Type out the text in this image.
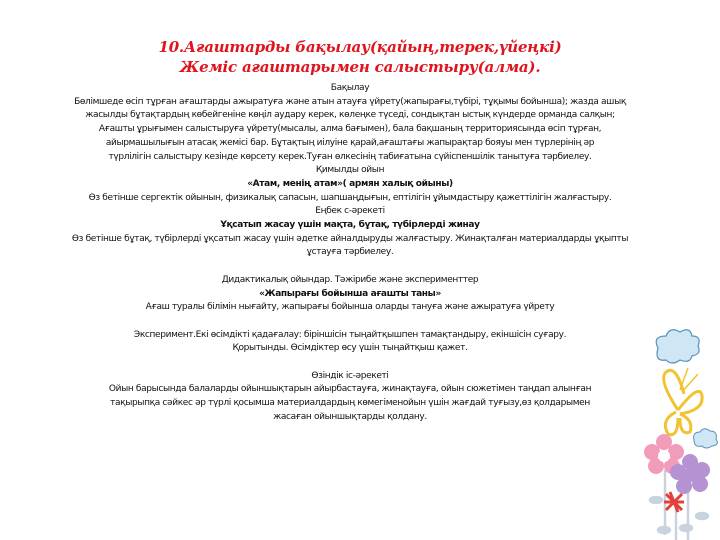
10.Ағаштарды бақылау(қайың,терек,үйеңкі)
Жеміс ағаштарымен салыстыру(алма).

Бақылау

Бөлімшеде өсіп тұрған ағаштарды ажыратуға және атын атауға үйрету(жапырағы,түбірі, тұқымы бойынша); жазда ашық

жасылды бұтақтардың көбейгеніне көңіл аудару керек, көлеңке түседі, сондықтан ыстық күндерде орманда салқын;

Ағашты ұрығымен салыстыруға үйрету(мысалы, алма бағымен), бала бақшаның территориясында өсіп тұрған,

айырмашылығын атасақ жемісі бар. Бұтақтың иілуіне қарай,ағаштағы жапырақтар бояуы мен түрлерінің әр

түрлілігін салыстыру кезінде көрсету керек.Туған өлкесінің табиғатына сүйіспеншілік танытуға тәрбиелеу.

Қимылды ойын

«Атам, менің атам»( армян халық ойыны)

Өз бетінше сергектік ойынын, физикалық сапасын, шапшаңдығын, ептілігін ұйымдастыру қажеттілігін жалғастыру.

Еңбек с-әрекеті

Ұқсатып жасау үшін мақта, бұтақ, түбірлерді жинау

Өз бетінше бұтақ, түбірлерді ұқсатып жасау үшін әдетке айналдыруды жалғастыру. Жинақталған материалдарды ұқыпты

ұстауға тәрбиелеу.

Дидактикалық ойындар. Тәжірибе және эксперименттер

«Жапырағы бойынша ағашты таны»

Ағаш туралы білімін нығайту, жапырағы бойынша оларды тануға және ажыратуға үйрету

Эксперимент.Екі өсімдікті қадағалау: біріншісін тыңайтқышпен тамақтандыру, екіншісін суғару.

Қорытынды. Өсімдіктер өсу үшін тыңайтқыш қажет.

Өзіндік іс-әрекеті

Ойын барысында балаларды ойыншықтарын айырбастауға, жинақтауға, ойын сюжетімен таңдап алынған

тақырыпқа сәйкес әр түрлі қосымша материалдардың көмегіменойын үшін жағдай туғызу,өз қолдарымен

жасаған ойыншықтарды қолдану.
